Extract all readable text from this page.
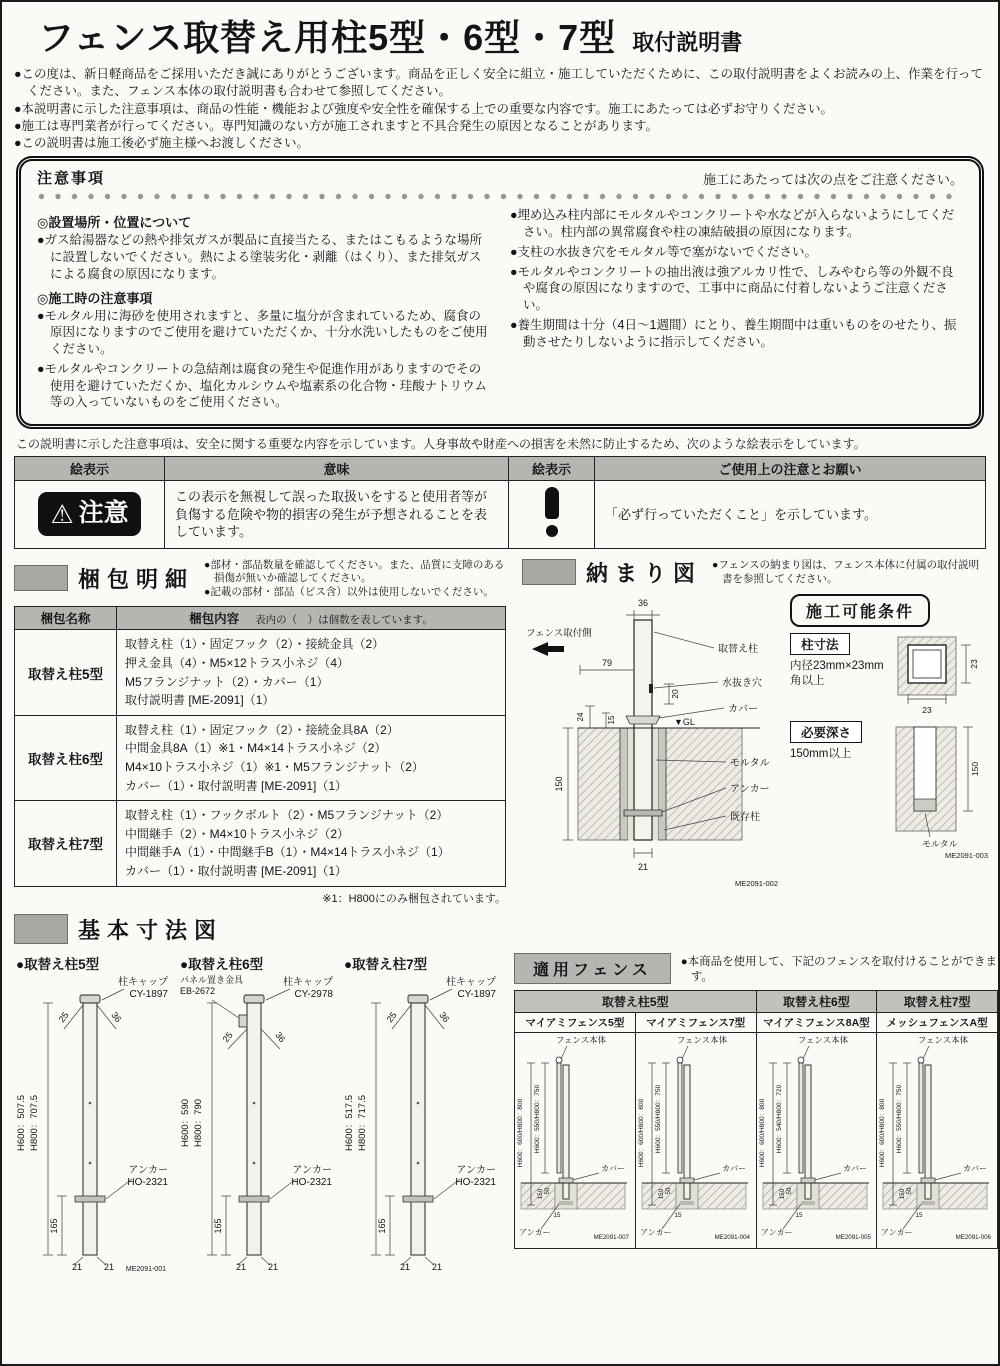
フェンス取替え用柱5型・6型・7型 取付説明書

●この度は、新日軽商品をご採用いただき誠にありがとうございます。商品を正しく安全に組立・施工していただくために、この取付説明書をよくお読みの上、作業を行ってください。また、フェンス本体の取付説明書も合わせて参照してください。

●本説明書に示した注意事項は、商品の性能・機能および強度や安全性を確保する上での重要な内容です。施工にあたっては必ずお守りください。

●施工は専門業者が行ってください。専門知識のない方が施工されますと不具合発生の原因となることがあります。

●この説明書は施工後必ず施主様へお渡しください。

注意事項	施工にあたっては次の点をご注意ください。

◎設置場所・位置について

●ガス給湯器などの熱や排気ガスが製品に直接当たる、またはこもるような場所に設置しないでください。熱による塗装劣化・剥離（はくり）、また排気ガスによる腐食の原因になります。

◎施工時の注意事項

●モルタル用に海砂を使用されますと、多量に塩分が含まれているため、腐食の原因になりますのでご使用を避けていただくか、十分水洗いしたものをご使用ください。

●モルタルやコンクリートの急結剤は腐食の発生や促進作用がありますのでその使用を避けていただくか、塩化カルシウムや塩素系の化合物・珪酸ナトリウム等の入っていないものをご使用ください。

●埋め込み柱内部にモルタルやコンクリートや水などが入らないようにしてください。柱内部の異常腐食や柱の凍結破損の原因になります。

●支柱の水抜き穴をモルタル等で塞がないでください。

●モルタルやコンクリートの抽出液は強アルカリ性で、しみやむら等の外観不良や腐食の原因になりますので、工事中に商品に付着しないようご注意ください。

●養生期間は十分（4日〜1週間）にとり、養生期間中は重いものをのせたり、振動させたりしないように指示してください。

この説明書に示した注意事項は、安全に関する重要な内容を示しています。人身事故や財産への損害を未然に防止するため、次のような絵表示をしています。

絵表示	意味	絵表示	ご使用上の注意とお願い

⚠ 注意	この表示を無視して誤った取扱いをすると使用者等が負傷する危険や物的損害の発生が予想されることを表しています。		「必ず行っていただくこと」を示しています。
梱包明細

●部材・部品数量を確認してください。また、品質に支障のある損傷が無いか確認してください。

●記載の部材・部品（ビス含）以外は使用しないでください。

梱包名称	梱包内容　 表内の（　）は個数を表しています。
取替え柱5型	取替え柱（1）・固定フック（2）・接続金具（2）
押え金具（4）・M5×12トラス小ネジ（4）
M5フランジナット（2）・カバー（1）
取付説明書 [ME-2091]（1）

取替え柱6型	取替え柱（1）・固定フック（2）・接続金具8A（2）
中間金具8A（1）※1・M4×14トラス小ネジ（2）
M4×10トラス小ネジ（1）※1・M5フランジナット（2）
カバー（1）・取付説明書 [ME-2091]（1）

取替え柱7型	取替え柱（1）・フックボルト（2）・M5フランジナット（2）
中間継手（2）・M4×10トラス小ネジ（2）
中間継手A（1）・中間継手B（1）・M4×14トラス小ネジ（1）
カバー（1）・取付説明書 [ME-2091]（1）

※1：H800にのみ梱包されています。

納まり図 ●フェンスの納まり図は、フェンス本体に付属の取付説明書を参照してください。

フェンス取付側
36
79
取替え柱
水抜き穴
20
24	15
カバー
▼GL
150
モルタル
アンカー
既存柱
21
ME2091-002
施工可能条件
柱寸法

内径23mm×23mm角以上

23
23
必要深さ

150mm以上

150
モルタル

ME2091-003

基本寸法図

●取替え柱5型

柱キャップ
CY-1897
25	36
H600：507.5 H800：707.5
アンカー
HO-2321
165
21 21 ME2091-001

●取替え柱6型

パネル置き金具
EB-2672
柱キャップ
CY-2978
25	36
H600：590 H800：790
アンカー
HO-2321
165
21 21

●取替え柱7型

柱キャップ
CY-1897
25	36
H600：517.5 H800：717.5
アンカー
HO-2321
165
21 21
適用フェンス	●本商品を使用して、下記のフェンスを取付けることができます。

取替え柱5型		取替え柱6型	取替え柱7型
マイアミフェンス5型	マイアミフェンス7型	マイアミフェンス8A型	メッシュフェンスA型

フェンス本体
H600：600/H800：800 H600：550/H800：750
カバー
150 50
15
アンカー
ME2091-007

フェンス本体
H600：600/H800：800 H600：550/H800：750
カバー
150 50
15
アンカー
ME2091-004

フェンス本体
H600：600/H800：800 H600：540/H800：720
カバー
150 50
15
アンカー
ME2091-005

フェンス本体
H600：600/H800：800 H600：550/H800：750
カバー
150 50
15
アンカー
ME2091-006
